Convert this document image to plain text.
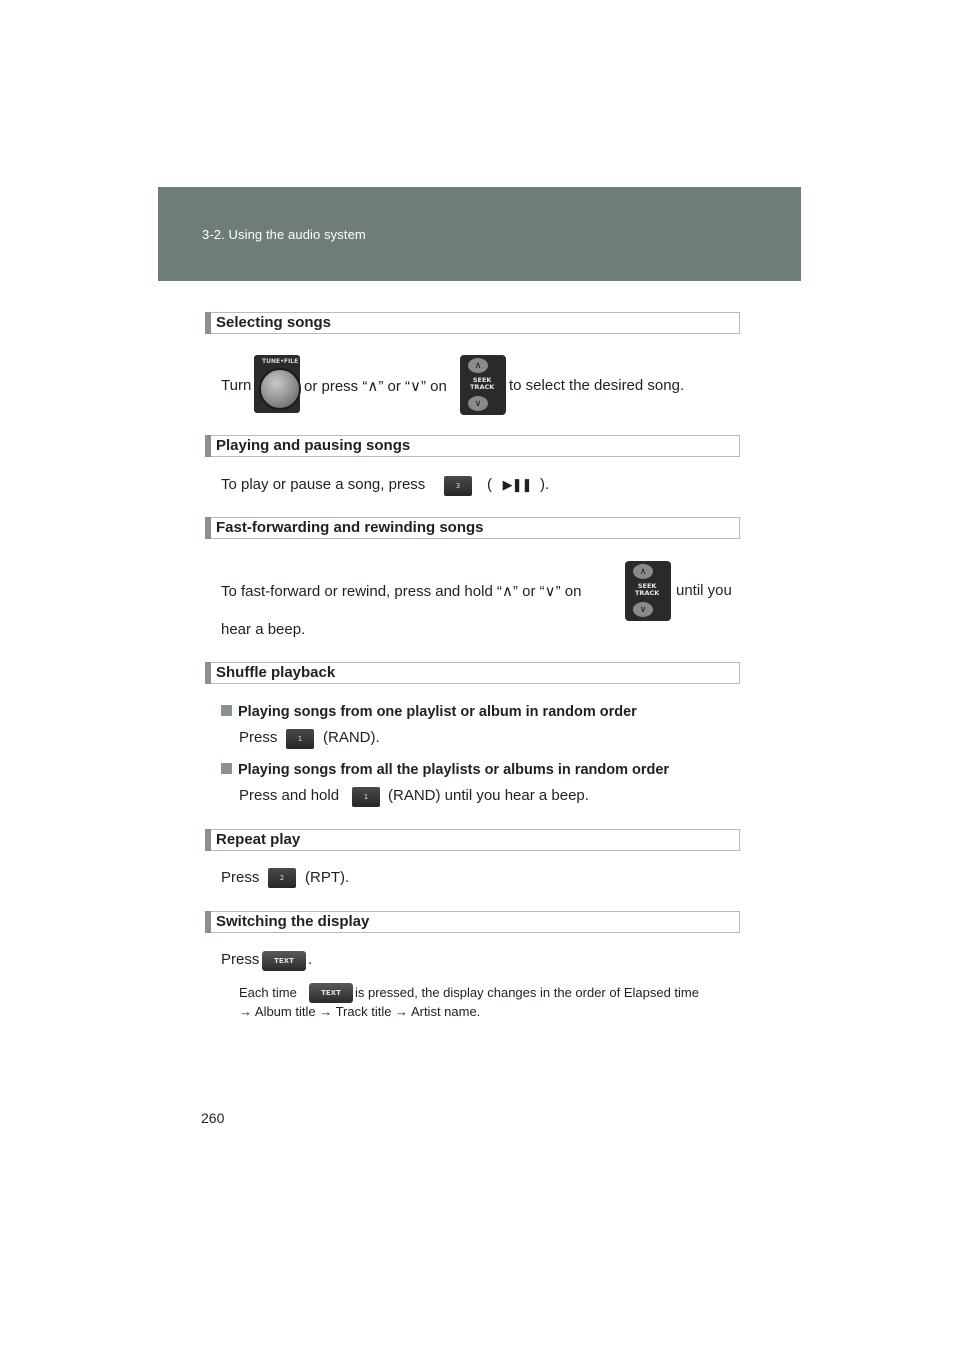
3-2. Using the audio system
Selecting songs
Turn
TUNE•FILE
or press “∧” or “∨” on
∧
SEEK
TRACK
∨
to select the desired song.
Playing and pausing songs
To play or pause a song, press	3	( ▶❚❚ ).
Fast-forwarding and rewinding songs
To fast-forward or rewind, press and hold “∧” or “∨” on
∧
SEEK
TRACK
∨
until you
hear a beep.
Shuffle playback
Playing songs from one playlist or album in random order
Press	1	(RAND).
Playing songs from all the playlists or albums in random order
Press and hold	1	(RAND) until you hear a beep.
Repeat play
Press	2	(RPT).
Switching the display
Press	TEXT .
Each time	TEXT	is pressed, the display changes in the order of Elapsed time
→ Album title → Track title → Artist name.
260
